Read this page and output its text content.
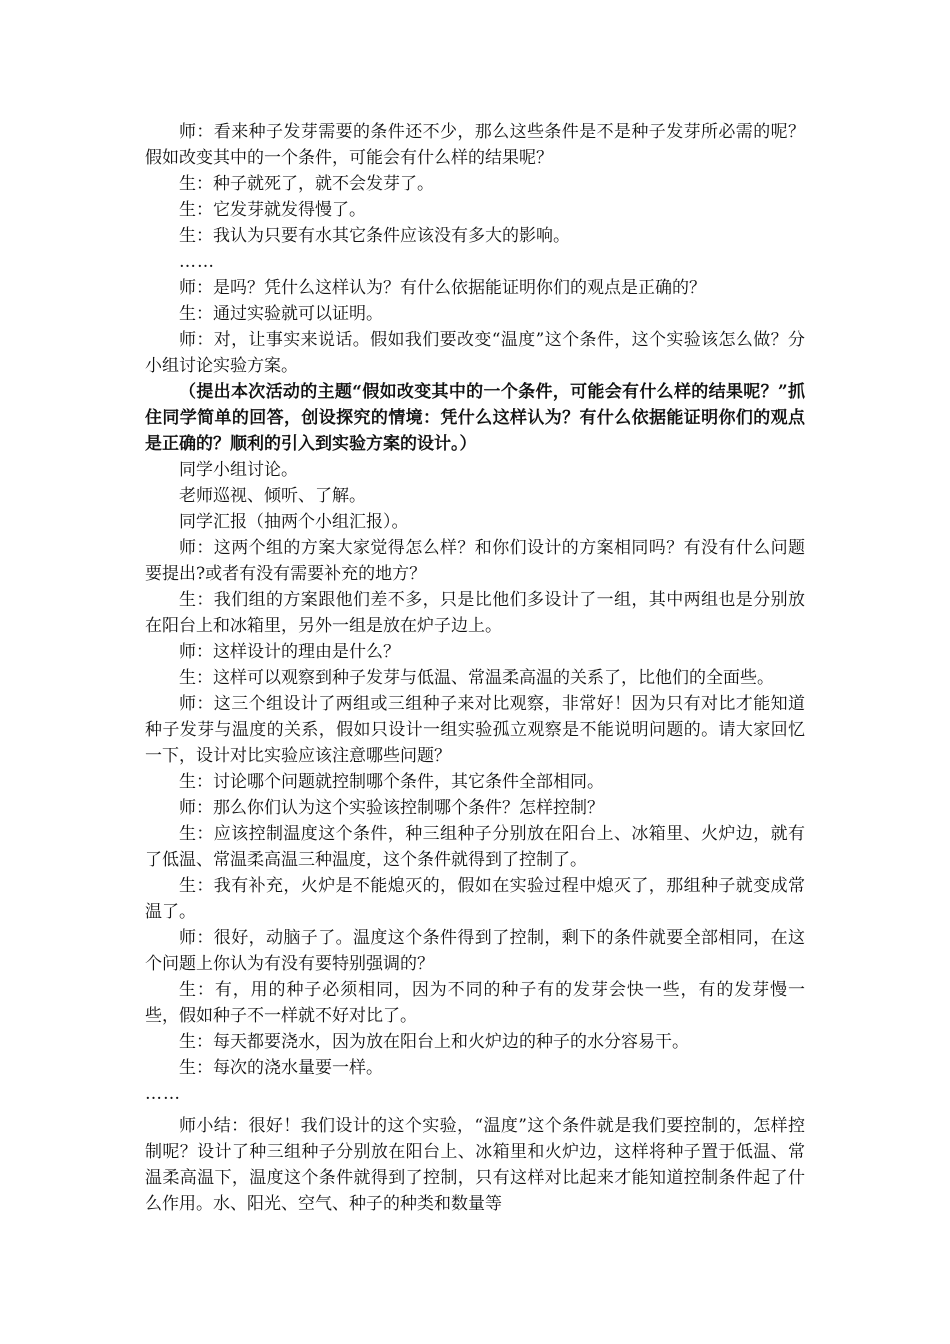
师：看来种子发芽需要的条件还不少，那么这些条件是不是种子发芽所必需的呢？假如改变其中的一个条件，可能会有什么样的结果呢？

生：种子就死了，就不会发芽了。

生：它发芽就发得慢了。

生：我认为只要有水其它条件应该没有多大的影响。

……

师：是吗？凭什么这样认为？有什么依据能证明你们的观点是正确的？

生：通过实验就可以证明。

师：对，让事实来说话。假如我们要改变“温度”这个条件，这个实验该怎么做？分小组讨论实验方案。

（提出本次活动的主题“假如改变其中的一个条件，可能会有什么样的结果呢？”抓住同学简单的回答，创设探究的情境：凭什么这样认为？有什么依据能证明你们的观点是正确的？顺利的引入到实验方案的设计。）

同学小组讨论。

老师巡视、倾听、了解。

同学汇报（抽两个小组汇报）。

师：这两个组的方案大家觉得怎么样？和你们设计的方案相同吗？有没有什么问题要提出?或者有没有需要补充的地方？

生：我们组的方案跟他们差不多，只是比他们多设计了一组，其中两组也是分别放在阳台上和冰箱里，另外一组是放在炉子边上。

师：这样设计的理由是什么？

生：这样可以观察到种子发芽与低温、常温柔高温的关系了，比他们的全面些。

师：这三个组设计了两组或三组种子来对比观察，非常好！因为只有对比才能知道种子发芽与温度的关系，假如只设计一组实验孤立观察是不能说明问题的。请大家回忆一下，设计对比实验应该注意哪些问题？

生：讨论哪个问题就控制哪个条件，其它条件全部相同。

师：那么你们认为这个实验该控制哪个条件？怎样控制？

生：应该控制温度这个条件，种三组种子分别放在阳台上、冰箱里、火炉边，就有了低温、常温柔高温三种温度，这个条件就得到了控制了。

生：我有补充，火炉是不能熄灭的，假如在实验过程中熄灭了，那组种子就变成常温了。

师：很好，动脑子了。温度这个条件得到了控制，剩下的条件就要全部相同，在这个问题上你认为有没有要特别强调的？

生：有，用的种子必须相同，因为不同的种子有的发芽会快一些，有的发芽慢一些，假如种子不一样就不好对比了。

生：每天都要浇水，因为放在阳台上和火炉边的种子的水分容易干。

生：每次的浇水量要一样。

……

师小结：很好！我们设计的这个实验，“温度”这个条件就是我们要控制的，怎样控制呢？设计了种三组种子分别放在阳台上、冰箱里和火炉边，这样将种子置于低温、常温柔高温下，温度这个条件就得到了控制，只有这样对比起来才能知道控制条件起了什么作用。水、阳光、空气、种子的种类和数量等
